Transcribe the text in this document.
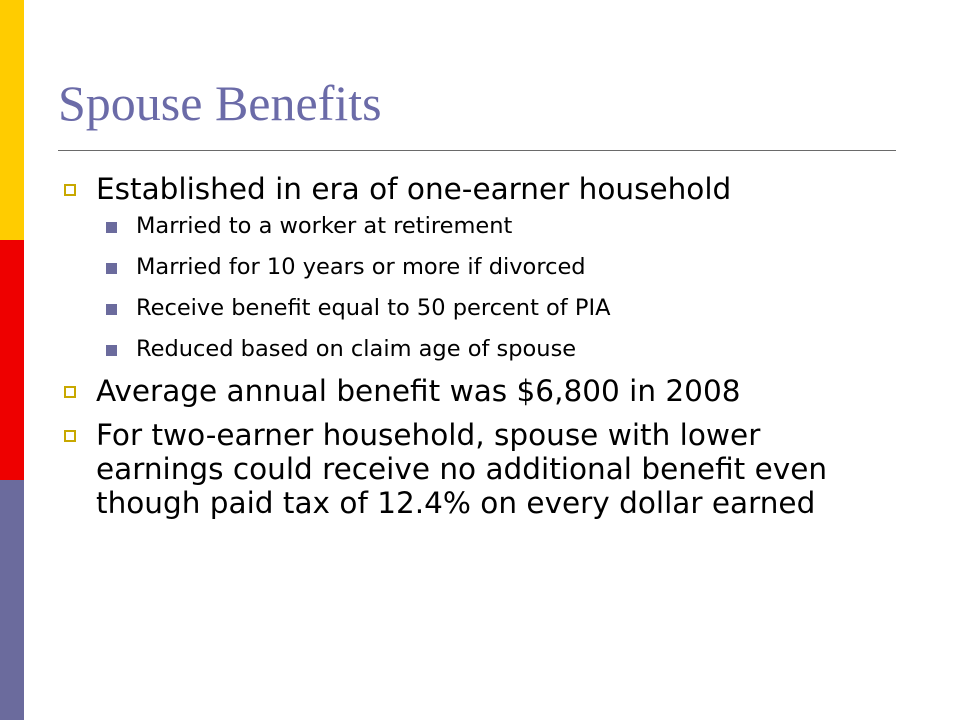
Spouse Benefits
Established in era of one-earner household
Married to a worker at retirement
Married for 10 years or more if divorced
Receive benefit equal to 50 percent of PIA
Reduced based on claim age of spouse
Average annual benefit was $6,800 in 2008
For two-earner household, spouse with lower earnings could receive no additional benefit even though paid tax of 12.4% on every dollar earned
